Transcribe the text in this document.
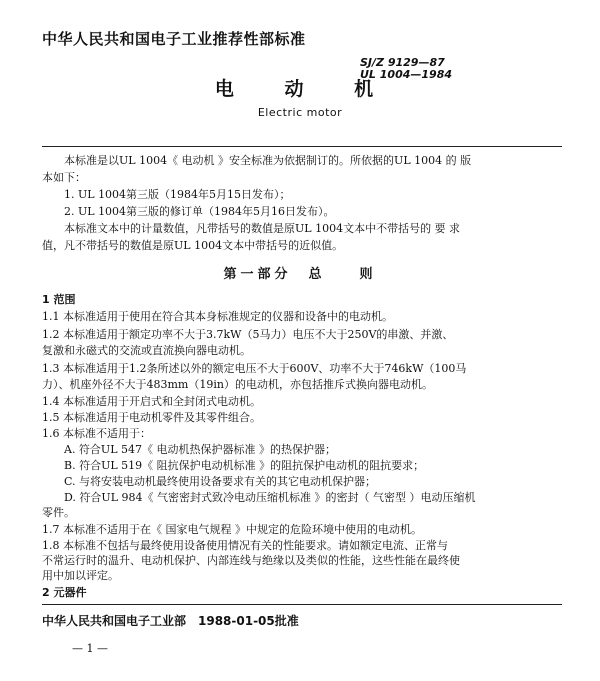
中华人民共和国电子工业推荐性部标准
SJ/Z 9129—87
UL 1004—1984
电 动 机
Electric motor
本标准是以UL 1004《 电动机 》安全标准为依据制订的。所依据的UL 1004 的 版
本如下：
1. UL 1004第三版（1984年5月15日发布）；
2. UL 1004第三版的修订单（1984年5月16日发布）。
本标准文本中的计量数值，凡带括号的数值是原UL 1004文本中不带括号的 要 求
值，凡不带括号的数值是原UL 1004文本中带括号的近似值。
第一部分　总　　则
1 范围
1.1 本标准适用于使用在符合其本身标准规定的仪器和设备中的电动机。
1.2 本标准适用于额定功率不大于3.7kW（5马力）电压不大于250V的串激、并激、
复激和永磁式的交流或直流换向器电动机。
1.3 本标准适用于1.2条所述以外的额定电压不大于600V、功率不大于746kW（100马
力）、机座外径不大于483mm（19in）的电动机，亦包括推斥式换向器电动机。
1.4 本标准适用于开启式和全封闭式电动机。
1.5 本标准适用于电动机零件及其零件组合。
1.6 本标准不适用于：
A. 符合UL 547《 电动机热保护器标准 》的热保护器；
B. 符合UL 519《 阻抗保护电动机标准 》的阻抗保护电动机的阻抗要求；
C. 与将安装电动机最终使用设备要求有关的其它电动机保护器；
D. 符合UL 984《 气密密封式致冷电动压缩机标准 》的密封（ 气密型 ）电动压缩机
零件。
1.7 本标准不适用于在《 国家电气规程 》中规定的危险环境中使用的电动机。
1.8 本标准不包括与最终使用设备使用情况有关的性能要求。请如额定电流、正常与
不常运行时的温升、电动机保护、内部连线与绝缘以及类似的性能，这些性能在最终使
用中加以评定。
中华人民共和国电子工业部　1988-01-05批准
— 1 —
2 元器件
